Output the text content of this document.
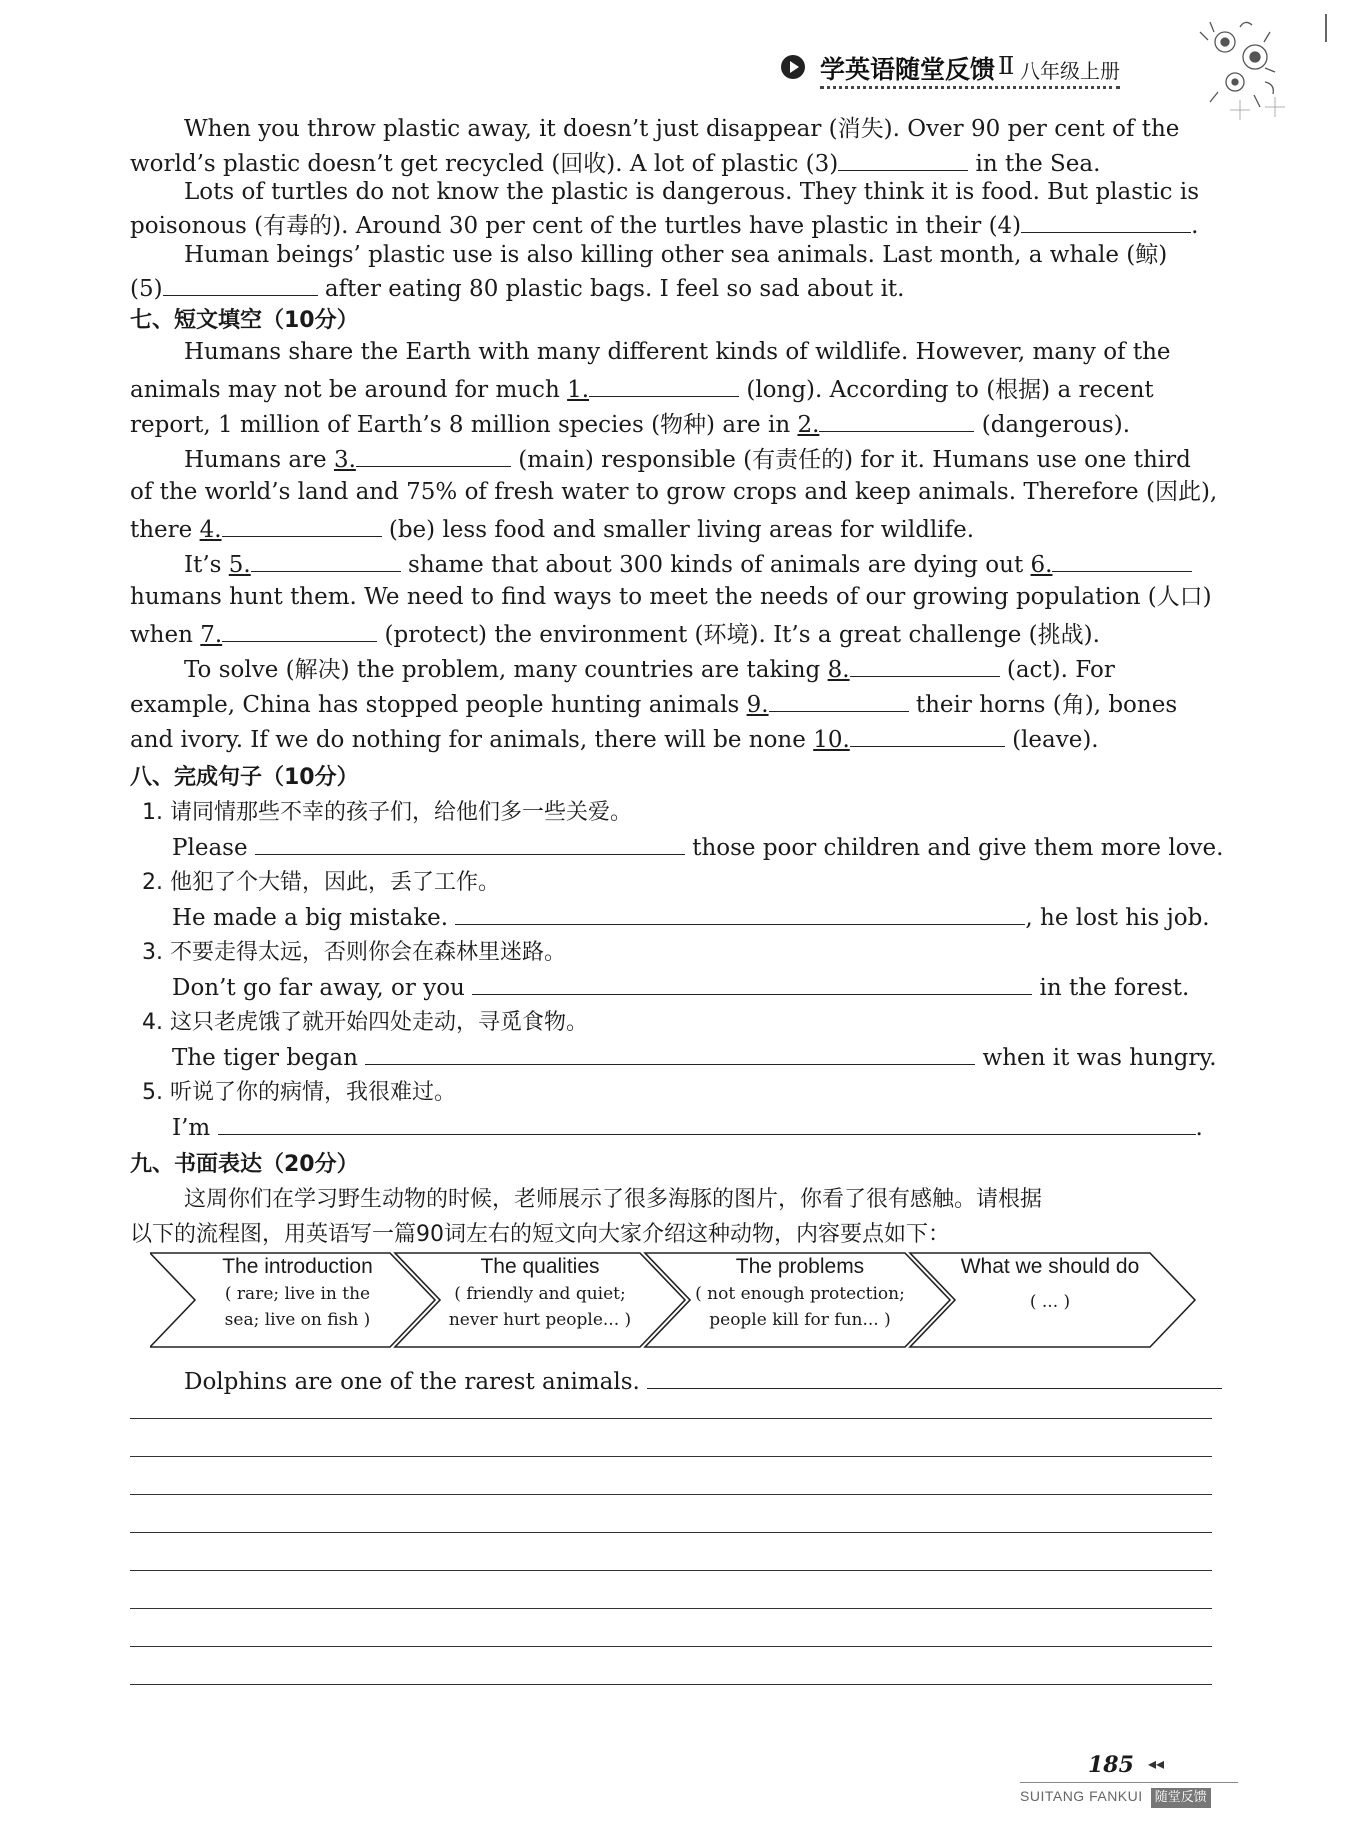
学英语随堂反馈 Ⅱ 八年级上册
When you throw plastic away, it doesn’t just disappear (消失). Over 90 per cent of the
world’s plastic doesn’t get recycled (回收). A lot of plastic (3)	in the Sea.
Lots of turtles do not know the plastic is dangerous. They think it is food. But plastic is
poisonous (有毒的). Around 30 per cent of the turtles have plastic in their (4)	.
Human beings’ plastic use is also killing other sea animals. Last month, a whale (鲸)
(5)	after eating 80 plastic bags. I feel so sad about it.
七、短文填空（10分）
Humans share the Earth with many different kinds of wildlife. However, many of the
animals may not be around for much 1.	(long). According to (根据) a recent
report, 1 million of Earth’s 8 million species (物种) are in 2.	(dangerous).
Humans are 3.	(main) responsible (有责任的) for it. Humans use one third
of the world’s land and 75% of fresh water to grow crops and keep animals. Therefore (因此),
there 4.	(be) less food and smaller living areas for wildlife.
It’s 5.	shame that about 300 kinds of animals are dying out 6.
humans hunt them. We need to find ways to meet the needs of our growing population (人口)
when 7.	(protect) the environment (环境). It’s a great challenge (挑战).
To solve (解决) the problem, many countries are taking 8.	(act). For
example, China has stopped people hunting animals 9.	their horns (角), bones
and ivory. If we do nothing for animals, there will be none 10.	(leave).
八、完成句子（10分）
1. 请同情那些不幸的孩子们，给他们多一些关爱。
Please	those poor children and give them more love.
2. 他犯了个大错，因此，丢了工作。
He made a big mistake.	, he lost his job.
3. 不要走得太远，否则你会在森林里迷路。
Don’t go far away, or you	in the forest.
4. 这只老虎饿了就开始四处走动，寻觅食物。
The tiger began	when it was hungry.
5. 听说了你的病情，我很难过。
I’m	.
九、书面表达（20分）
这周你们在学习野生动物的时候，老师展示了很多海豚的图片，你看了很有感触。请根据
以下的流程图，用英语写一篇90词左右的短文向大家介绍这种动物，内容要点如下：
The introduction
( rare; live in the
sea; live on fish )
The qualities
( friendly and quiet;
never hurt people... )
The problems
( not enough protection;
people kill for fun... )
What we should do
( ... )
Dolphins are one of the rarest animals.
185 ◂◂
SUITANG FANKUI 随堂反馈
